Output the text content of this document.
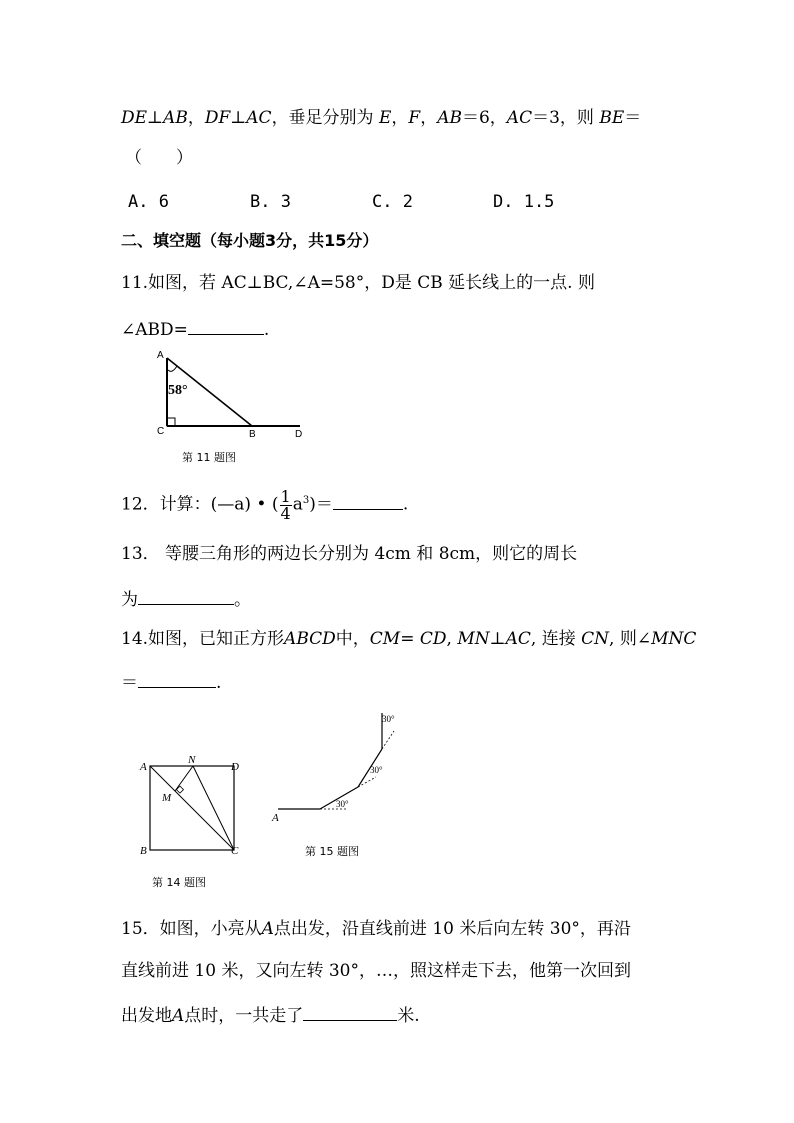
DE⊥AB，DF⊥AC，垂足分别为 E，F，AB＝6，AC＝3，则 BE＝
（　　）
A. 6	B. 3	C. 2	D. 1.5
二、填空题（每小题3分，共15分）
11.如图，若 AC⊥BC,∠A=58°，D是 CB 延长线上的一点. 则
∠ABD=	.
A
C	B	D
58°
第 11 题图
12．计算：(—a) • ( $\frac{1}{4} a^3)=$	.
13． 等腰三角形的两边长分别为 4cm 和 8cm，则它的周长
为	。
14.如图，已知正方形ABCD中，CM= CD, MN⊥AC, 连接 CN, 则∠MNC
＝	.
A
N
D
M
B	C
第 14 题图
30°
30°
30°
A
第 15 题图
15．如图，小亮从A点出发，沿直线前进 10 米后向左转 30°，再沿
直线前进 10 米，又向左转 30°，…，照这样走下去，他第一次回到
出发地A点时，一共走了	米.
